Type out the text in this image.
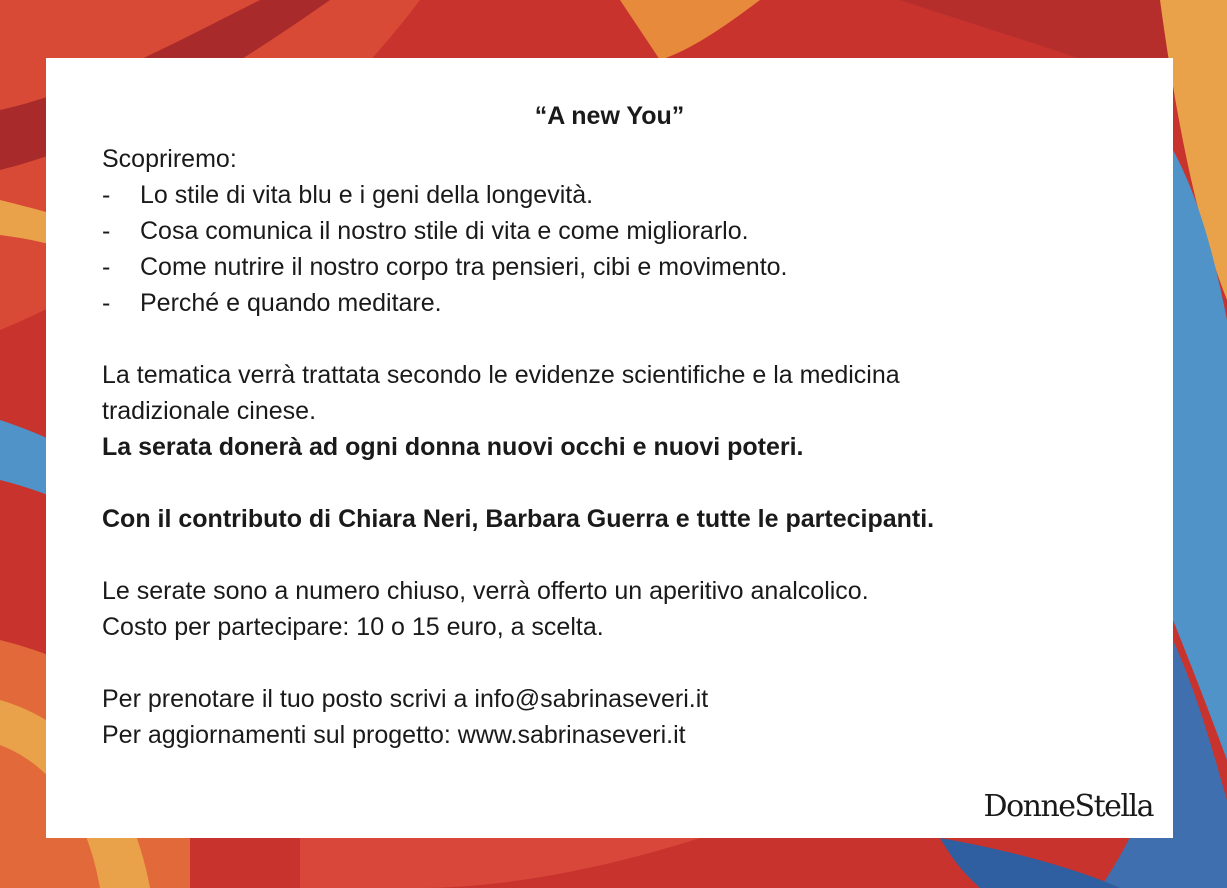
“A new You”

Scopriremo:

- Lo stile di vita blu e i geni della longevità.
- Cosa comunica il nostro stile di vita e come migliorarlo.
- Come nutrire il nostro corpo tra pensieri, cibi e movimento.
- Perché e quando meditare.

La tematica verrà trattata secondo le evidenze scientifiche e la medicina

tradizionale cinese.

La serata donerà ad ogni donna nuovi occhi e nuovi poteri.

Con il contributo di Chiara Neri, Barbara Guerra e tutte le partecipanti.

Le serate sono a numero chiuso, verrà offerto un aperitivo analcolico.

Costo per partecipare: 10 o 15 euro, a scelta.

Per prenotare il tuo posto scrivi a info@sabrinaseveri.it

Per aggiornamenti sul progetto: www.sabrinaseveri.it

DonneStella
